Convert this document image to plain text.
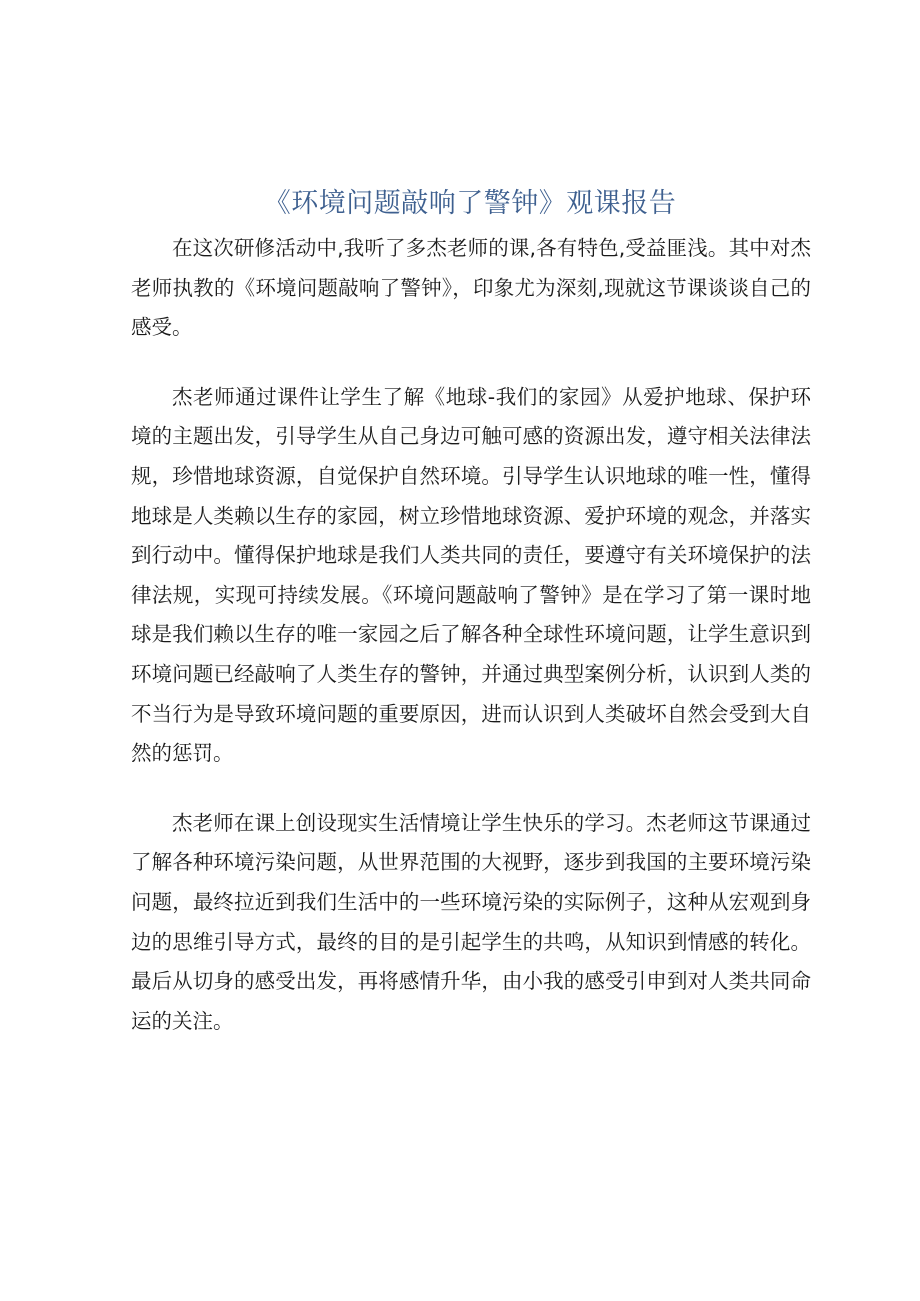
《环境问题敲响了警钟》观课报告

在这次研修活动中,我听了多杰老师的课,各有特色,受益匪浅。其中对杰老师执教的《环境问题敲响了警钟》，印象尤为深刻,现就这节课谈谈自己的感受。

杰老师通过课件让学生了解《地球-我们的家园》从爱护地球、保护环境的主题出发，引导学生从自己身边可触可感的资源出发，遵守相关法律法规，珍惜地球资源，自觉保护自然环境。引导学生认识地球的唯一性，懂得地球是人类赖以生存的家园，树立珍惜地球资源、爱护环境的观念，并落实到行动中。懂得保护地球是我们人类共同的责任，要遵守有关环境保护的法律法规，实现可持续发展。《环境问题敲响了警钟》是在学习了第一课时地球是我们赖以生存的唯一家园之后了解各种全球性环境问题，让学生意识到环境问题已经敲响了人类生存的警钟，并通过典型案例分析，认识到人类的不当行为是导致环境问题的重要原因，进而认识到人类破坏自然会受到大自然的惩罚。

杰老师在课上创设现实生活情境让学生快乐的学习。杰老师这节课通过了解各种环境污染问题，从世界范围的大视野，逐步到我国的主要环境污染问题，最终拉近到我们生活中的一些环境污染的实际例子，这种从宏观到身边的思维引导方式，最终的目的是引起学生的共鸣，从知识到情感的转化。最后从切身的感受出发，再将感情升华，由小我的感受引申到对人类共同命运的关注。
